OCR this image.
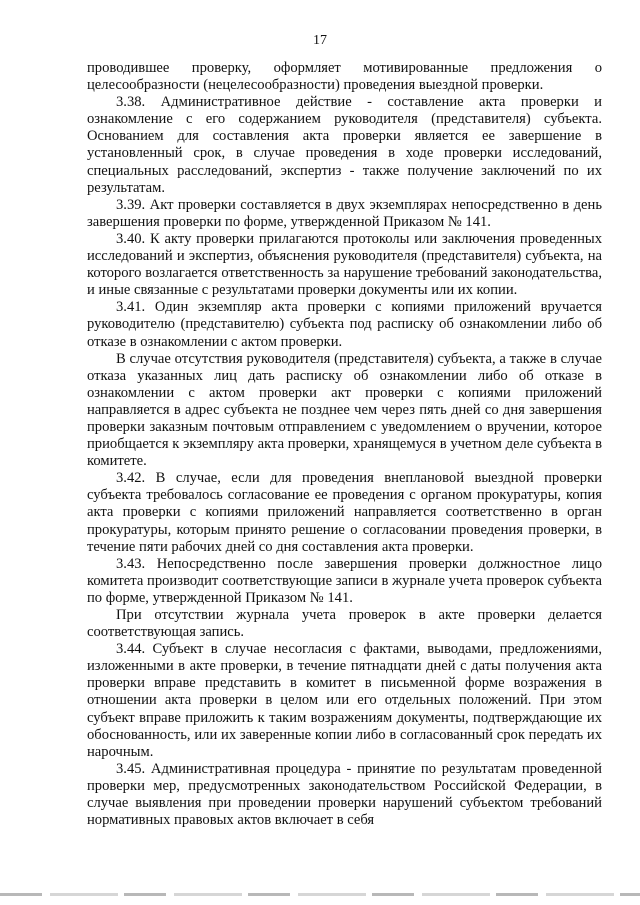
17

проводившее проверку, оформляет мотивированные предложения о целесообразности (нецелесообразности) проведения выездной проверки.

3.38. Административное действие - составление акта проверки и ознакомление с его содержанием руководителя (представителя) субъекта. Основанием для составления акта проверки является ее завершение в установленный срок, в случае проведения в ходе проверки исследований, специальных расследований, экспертиз - также получение заключений по их результатам.

3.39. Акт проверки составляется в двух экземплярах непосредственно в день завершения проверки по форме, утвержденной Приказом № 141.

3.40. К акту проверки прилагаются протоколы или заключения проведенных исследований и экспертиз, объяснения руководителя (представителя) субъекта, на которого возлагается ответственность за нарушение требований законодательства, и иные связанные с результатами проверки документы или их копии.

3.41. Один экземпляр акта проверки с копиями приложений вручается руководителю (представителю) субъекта под расписку об ознакомлении либо об отказе в ознакомлении с актом проверки.

В случае отсутствия руководителя (представителя) субъекта, а также в случае отказа указанных лиц дать расписку об ознакомлении либо об отказе в ознакомлении с актом проверки акт проверки с копиями приложений направляется в адрес субъекта не позднее чем через пять дней со дня завершения проверки заказным почтовым отправлением с уведомлением о вручении, которое приобщается к экземпляру акта проверки, хранящемуся в учетном деле субъекта в комитете.

3.42. В случае, если для проведения внеплановой выездной проверки субъекта требовалось согласование ее проведения с органом прокуратуры, копия акта проверки с копиями приложений направляется соответственно в орган прокуратуры, которым принято решение о согласовании проведения проверки, в течение пяти рабочих дней со дня составления акта проверки.

3.43. Непосредственно после завершения проверки должностное лицо комитета производит соответствующие записи в журнале учета проверок субъекта по форме, утвержденной Приказом № 141.

При отсутствии журнала учета проверок в акте проверки делается соответствующая запись.

3.44. Субъект в случае несогласия с фактами, выводами, предложениями, изложенными в акте проверки, в течение пятнадцати дней с даты получения акта проверки вправе представить в комитет в письменной форме возражения в отношении акта проверки в целом или его отдельных положений. При этом субъект вправе приложить к таким возражениям документы, подтверждающие их обоснованность, или их заверенные копии либо в согласованный срок передать их нарочным.

3.45. Административная процедура - принятие по результатам проведенной проверки мер, предусмотренных законодательством Российской Федерации, в случае выявления при проведении проверки нарушений субъектом требований нормативных правовых актов включает в себя
